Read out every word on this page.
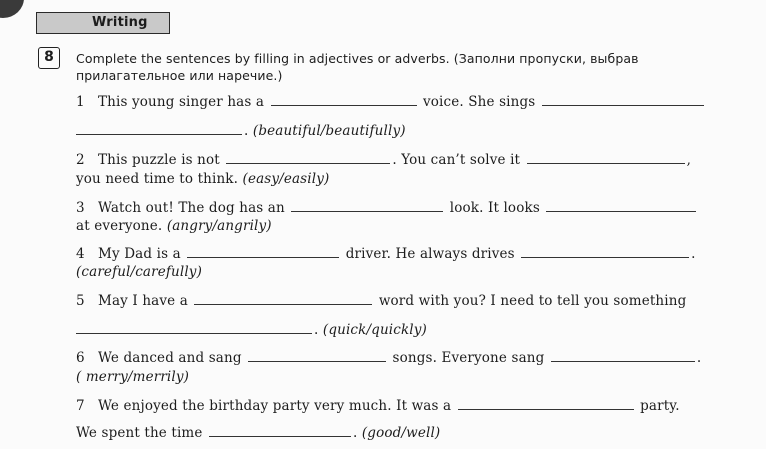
Writing
8	Complete the sentences by filling in adjectives or adverbs. (Заполни пропуски, выбрав прилагательное или наречие.)
1 This young singer has a	voice. She sings
. (beautiful/beautifully)
2 This puzzle is not	. You can’t solve it	,
you need time to think. (easy/easily)
3 Watch out! The dog has an	look. It looks
at everyone. (angry/angrily)
4 My Dad is a	driver. He always drives	.
(careful/carefully)
5 May I have a	word with you? I need to tell you something
. (quick/quickly)
6 We danced and sang	songs. Everyone sang	.
( merry/merrily)
7 We enjoyed the birthday party very much. It was a	party.
We spent the time	. (good/well)
